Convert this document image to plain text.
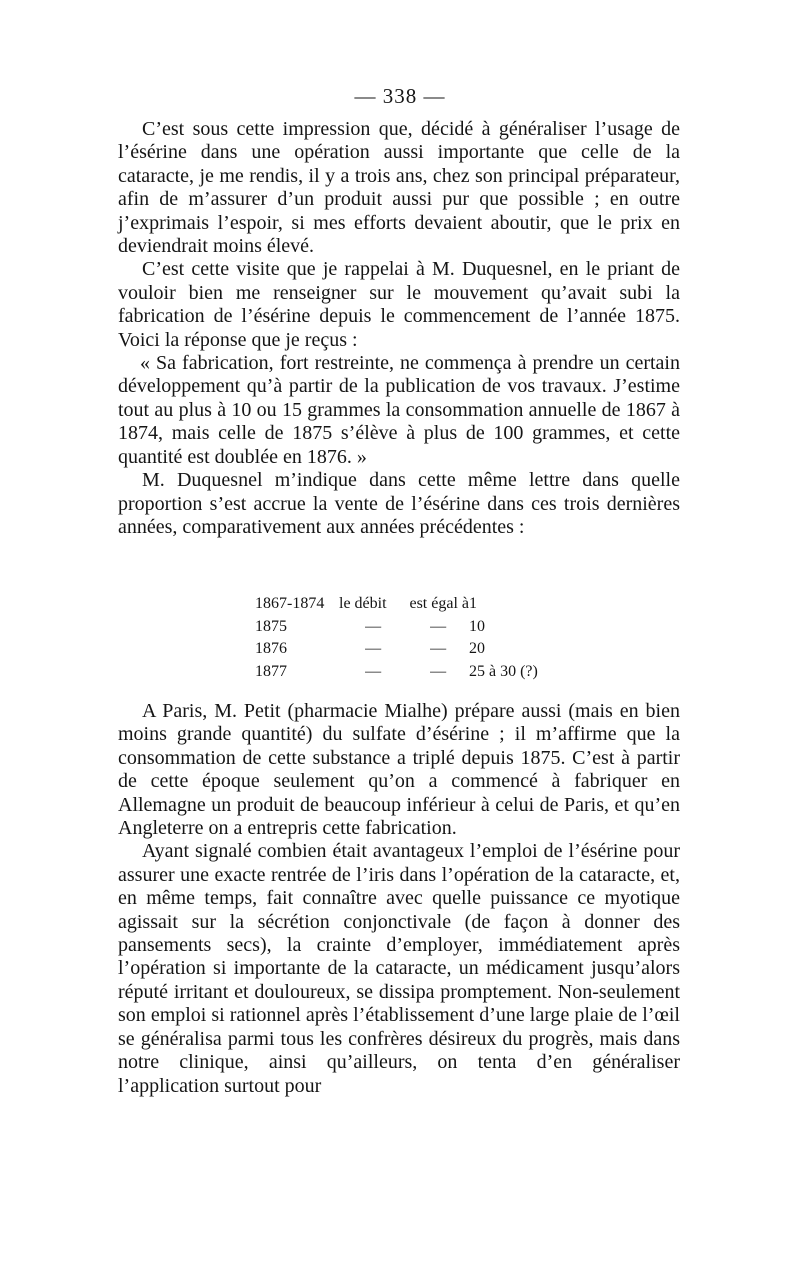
— 338 —

C’est sous cette impression que, décidé à généraliser l’usage de l’ésérine dans une opération aussi importante que celle de la cataracte, je me rendis, il y a trois ans, chez son principal préparateur, afin de m’assurer d’un produit aussi pur que possible ; en outre j’exprimais l’espoir, si mes efforts devaient aboutir, que le prix en deviendrait moins élevé.

C’est cette visite que je rappelai à M. Duquesnel, en le priant de vouloir bien me renseigner sur le mouvement qu’avait subi la fabrication de l’ésérine depuis le commencement de l’année 1875. Voici la réponse que je reçus :

« Sa fabrication, fort restreinte, ne commença à prendre un certain développement qu’à partir de la publication de vos travaux. J’estime tout au plus à 10 ou 15 grammes la consommation annuelle de 1867 à 1874, mais celle de 1875 s’élève à plus de 100 grammes, et cette quantité est doublée en 1876. »

M. Duquesnel m’indique dans cette même lettre dans quelle proportion s’est accrue la vente de l’ésérine dans ces trois dernières années, comparativement aux années précédentes :

1867-1874 le débit	est égal à 1
1875	—	—	10
1876	—	—	20
1877	—	—	25 à 30 (?)

A Paris, M. Petit (pharmacie Mialhe) prépare aussi (mais en bien moins grande quantité) du sulfate d’ésérine ; il m’affirme que la consommation de cette substance a triplé depuis 1875. C’est à partir de cette époque seulement qu’on a commencé à fabriquer en Allemagne un produit de beaucoup inférieur à celui de Paris, et qu’en Angleterre on a entrepris cette fabrication.

Ayant signalé combien était avantageux l’emploi de l’ésérine pour assurer une exacte rentrée de l’iris dans l’opération de la cataracte, et, en même temps, fait connaître avec quelle puissance ce myotique agissait sur la sécrétion conjonctivale (de façon à donner des pansements secs), la crainte d’employer, immédiatement après l’opération si importante de la cataracte, un médicament jusqu’alors réputé irritant et douloureux, se dissipa promptement. Non-seulement son emploi si rationnel après l’établissement d’une large plaie de l’œil se généralisa parmi tous les confrères désireux du progrès, mais dans notre clinique, ainsi qu’ailleurs, on tenta d’en généraliser l’application surtout pour
